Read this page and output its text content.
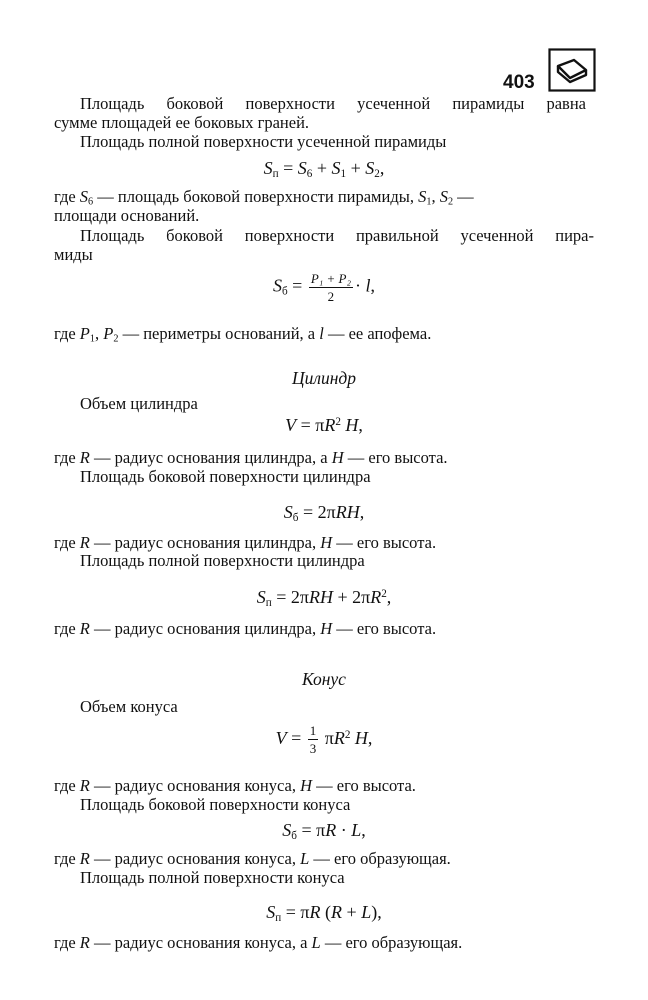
403
Площадь боковой поверхности усеченной пирамиды равна
сумме площадей ее боковых граней.
Площадь полной поверхности усеченной пирамиды
$S_п = S_6 + S_1 + S_2$,
где $S_6$ — площадь боковой поверхности пирамиды, $S_1$, $S_2$ —
площади оснований.
Площадь боковой поверхности правильной усеченной пира-
миды
$S_б = \frac{\text{P₁ + P₂}}{2} \cdot l$,
где $P_1$, $P_2$ — периметры оснований, а l — ее апофема.
Цилиндр
Объем цилиндра
$V = \pi R^2$ H,
где R — радиус основания цилиндра, а H — его высота.
Площадь боковой поверхности цилиндра
$S_б = 2\pi RH$,
где R — радиус основания цилиндра, H — его высота.
Площадь полной поверхности цилиндра
$S_п = 2\pi RH + 2\pi R^2$,
где R — радиус основания цилиндра, H — его высота.
Конус
Объем конуса
$V = \frac{1}{3} \pi R^2$ H,
где R — радиус основания конуса, H — его высота.
Площадь боковой поверхности конуса
$S_б = \pi R \cdot L$,
где R — радиус основания конуса, L — его образующая.
Площадь полной поверхности конуса
$S_п = \pi R$ (R + L),
где R — радиус основания конуса, а L — его образующая.
